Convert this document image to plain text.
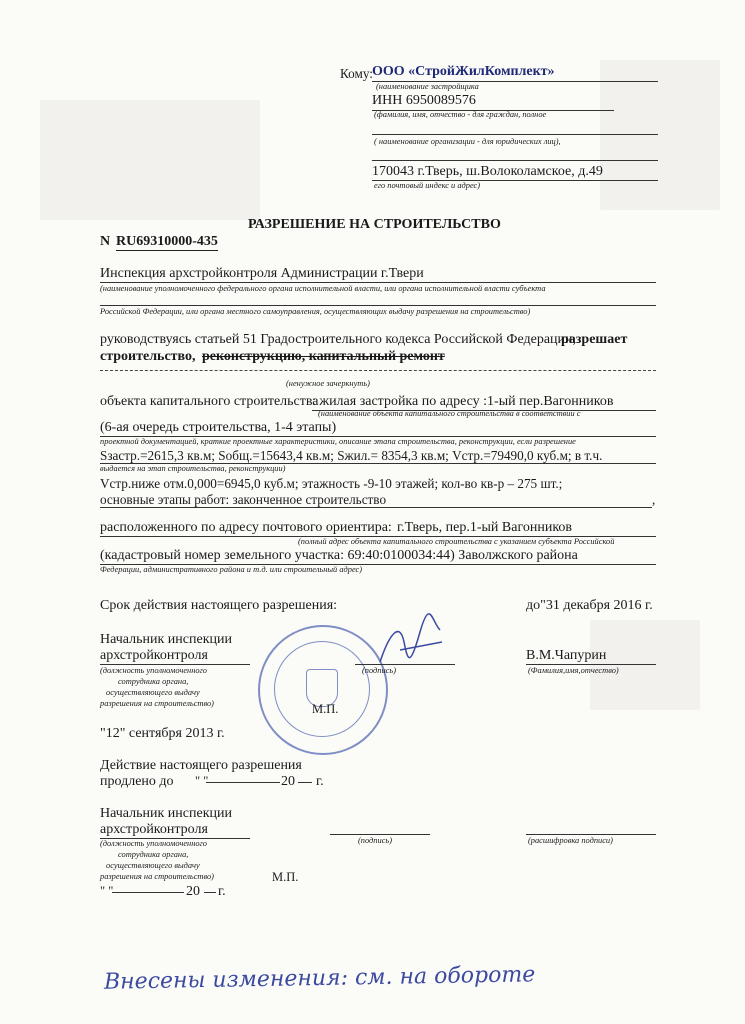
Кому: ООО «СтройЖилКомплект»
(наименование застройщика
ИНН 6950089576
(фамилия, имя, отчество - для граждан, полное
( наименование организации - для юридических лиц),
170043 г.Тверь, ш.Волоколамское, д.49
его почтовый индекс и адрес)
РАЗРЕШЕНИЕ НА СТРОИТЕЛЬСТВО
N RU69310000-435
Инспекция архстройконтроля Администрации г.Твери
(наименование уполномоченного федерального органа исполнительной власти, или органа исполнительной власти субъекта
Российской Федерации, или органа местного самоуправления, осуществляющих выдачу разрешения на строительство)
руководствуясь статьей 51 Градостроительного кодекса Российской Федерации,
разрешает
строительство, реконструкцию, капитальный ремонт
(ненужное зачеркнуть)
объекта капитального строительства
: жилая застройка по адресу :1-ый пер.Вагонников
(наименование объекта капитального строительства в соответствии с
(6-ая очередь строительства, 1-4 этапы)
проектной документацией, краткие проектные характеристики, описание этапа строительства, реконструкции, если разрешение
Sзастр.=2615,3 кв.м; Sобщ.=15643,4 кв.м; Sжил.= 8354,3 кв.м; Vстр.=79490,0 куб.м; в т.ч.
выдается на этап строительства, реконструкции)
Vстр.ниже отм.0,000=6945,0 куб.м; этажность -9-10 этажей; кол-во кв-р – 275 шт.;
основные этапы работ: законченное строительство	,
расположенного по адресу почтового ориентира: г.Тверь, пер.1-ый Вагонников
(полный адрес объекта капитального строительства с указанием субъекта Российской
(кадастровый номер земельного участка: 69:40:0100034:44) Заволжского района
Федерации, административного района и т.д. или строительный адрес)
Срок действия настоящего разрешения:	до"31 декабря 2016 г.
Начальник инспекции
архстройконтроля
(должность уполномоченного
сотрудника органа,
осуществляющего выдачу
разрешения на строительство)
(подпись)
В.М.Чапурин
(Фамилия,имя,отчество)
М.П.
"12" сентября 2013 г.
Действие настоящего разрешения
продлено до " "	20 г.
Начальник инспекции
архстройконтроля
(должность уполномоченного
сотрудника органа,
осуществляющего выдачу
разрешения на строительство)
(подпись)	(расшифровка подписи)
М.П.
" "	20 г.
Внесены изменения: см. на обороте
